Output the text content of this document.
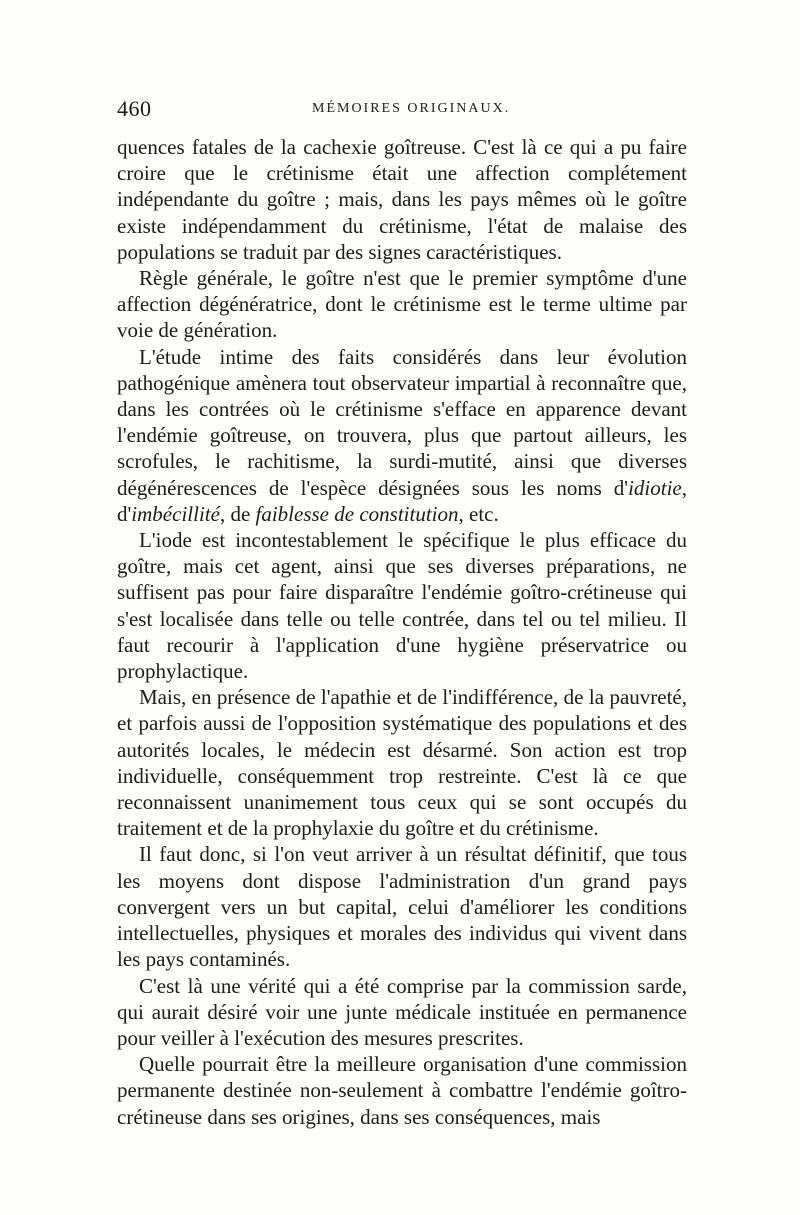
460	MÉMOIRES ORIGINAUX.

quences fatales de la cachexie goîtreuse. C'est là ce qui a pu faire croire que le crétinisme était une affection complétement indépendante du goître ; mais, dans les pays mêmes où le goître existe indépendamment du crétinisme, l'état de malaise des populations se traduit par des signes caractéristiques.

Règle générale, le goître n'est que le premier symptôme d'une affection dégénératrice, dont le crétinisme est le terme ultime par voie de génération.

L'étude intime des faits considérés dans leur évolution pathogénique amènera tout observateur impartial à reconnaître que, dans les contrées où le crétinisme s'efface en apparence devant l'endémie goîtreuse, on trouvera, plus que partout ailleurs, les scrofules, le rachitisme, la surdi-mutité, ainsi que diverses dégénérescences de l'espèce désignées sous les noms d'idiotie, d'imbécillité, de faiblesse de constitution, etc.

L'iode est incontestablement le spécifique le plus efficace du goître, mais cet agent, ainsi que ses diverses préparations, ne suffisent pas pour faire disparaître l'endémie goîtro-crétineuse qui s'est localisée dans telle ou telle contrée, dans tel ou tel milieu. Il faut recourir à l'application d'une hygiène préservatrice ou prophylactique.

Mais, en présence de l'apathie et de l'indifférence, de la pauvreté, et parfois aussi de l'opposition systématique des populations et des autorités locales, le médecin est désarmé. Son action est trop individuelle, conséquemment trop restreinte. C'est là ce que reconnaissent unanimement tous ceux qui se sont occupés du traitement et de la prophylaxie du goître et du crétinisme.

Il faut donc, si l'on veut arriver à un résultat définitif, que tous les moyens dont dispose l'administration d'un grand pays convergent vers un but capital, celui d'améliorer les conditions intellectuelles, physiques et morales des individus qui vivent dans les pays contaminés.

C'est là une vérité qui a été comprise par la commission sarde, qui aurait désiré voir une junte médicale instituée en permanence pour veiller à l'exécution des mesures prescrites.

Quelle pourrait être la meilleure organisation d'une commission permanente destinée non-seulement à combattre l'endémie goîtro-crétineuse dans ses origines, dans ses conséquences, mais
